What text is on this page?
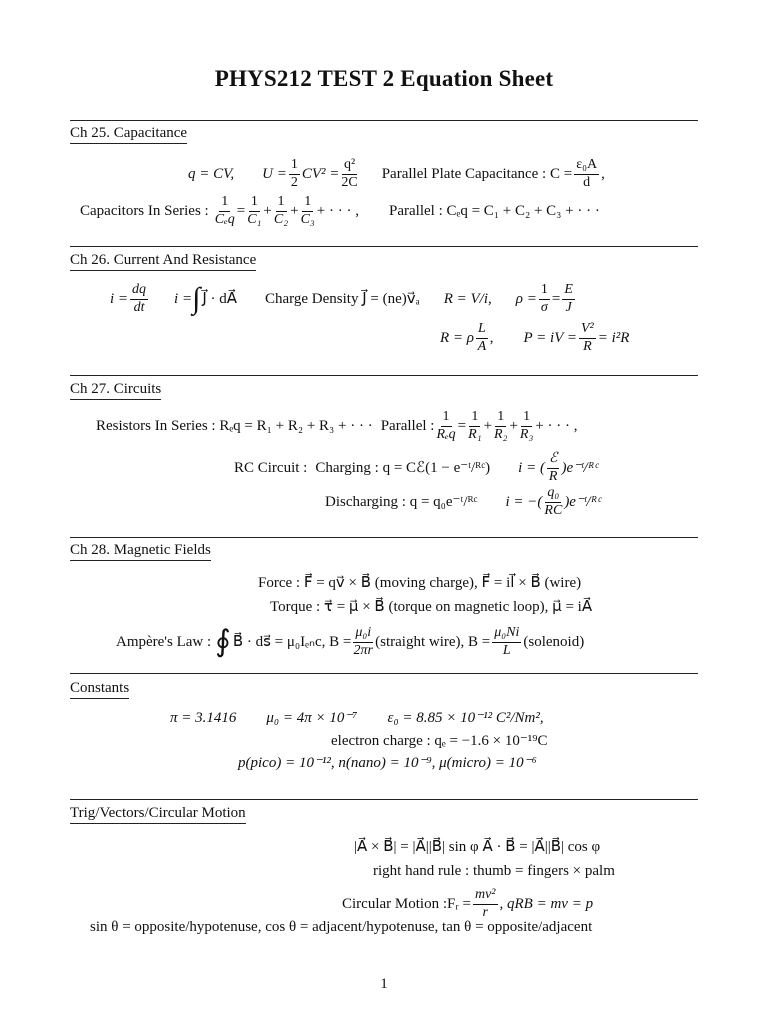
PHYS212 TEST 2 Equation Sheet
Ch 25. Capacitance
q = CV, $U = \frac{1}{2} CV^2 = \frac{\text{q²}}{2C}$ Parallel Plate Capacitance : $C = \frac{\text{ε₀A}}{d}$ ,
Capacitors In Series : $\frac{1}{\text{Cₑq}} = \frac{1}{\text{C₁}} + \frac{1}{\text{C₂}} + \frac{1}{\text{C₃}}$ + · · · , Parallel : Cₑq = C₁ + C₂ + C₃ + · · ·
Ch 26. Current And Resistance
$i = \frac{dq}{dt}$ i = ∫ J⃗ · dA⃗ Charge Density J⃗ = (ne)v⃗ₐ R = V/i, $\rho = \frac{1}{\sigma} = \frac{E}{J}$
R = ρ $\frac{L}{A}$ , P = iV = $\frac{\text{V²}}{R} = i^2R$
Ch 27. Circuits
Resistors In Series : Rₑq = R₁ + R₂ + R₃ + · · · Parallel : $\frac{1}{\text{Rₑq}} = \frac{1}{\text{R₁}} + \frac{1}{\text{R₂}} + \frac{1}{\text{R₃}}$ + · · · ,
RC Circuit : Charging : q = Cℰ(1 − e⁻ᵗ/ᴿᶜ) i = ( $\frac{\text{ℰ}}{R}$ )e⁻ᵗ/ᴿᶜ
Discharging : q = q₀e⁻ᵗ/ᴿᶜ i = −( $\frac{\text{q₀}}{RC}$ )e⁻ᵗ/ᴿᶜ
Ch 28. Magnetic Fields
Force : F⃗ = qv⃗ × B⃗ (moving charge), F⃗ = il⃗ × B⃗ (wire)
Torque : τ⃗ = μ⃗ × B⃗ (torque on magnetic loop), μ⃗ = iA⃗
Ampère's Law : ∮ B⃗ · ds⃗ = μ₀Iₑₙc, $B = \frac{\text{μ₀i}}{2\pi r}$ (straight wire), $B = \frac{\text{μ₀Ni}}{L}$ (solenoid)
Constants
π = 3.1416 μ₀ = 4π × 10⁻⁷ ε₀ = 8.85 × 10⁻¹² C²/Nm²,
electron charge : qₑ = −1.6 × 10⁻¹⁹C
p(pico) = 10⁻¹², n(nano) = 10⁻⁹, μ(micro) = 10⁻⁶
Trig/Vectors/Circular Motion
|A⃗ × B⃗| = |A⃗||B⃗| sin φ A⃗ · B⃗ = |A⃗||B⃗| cos φ
right hand rule : thumb = fingers × palm
Circular Motion :Fᵣ = $\frac{\text{mv²}}{r}$ , qRB = mv = p
sin θ = opposite/hypotenuse, cos θ = adjacent/hypotenuse, tan θ = opposite/adjacent
1
